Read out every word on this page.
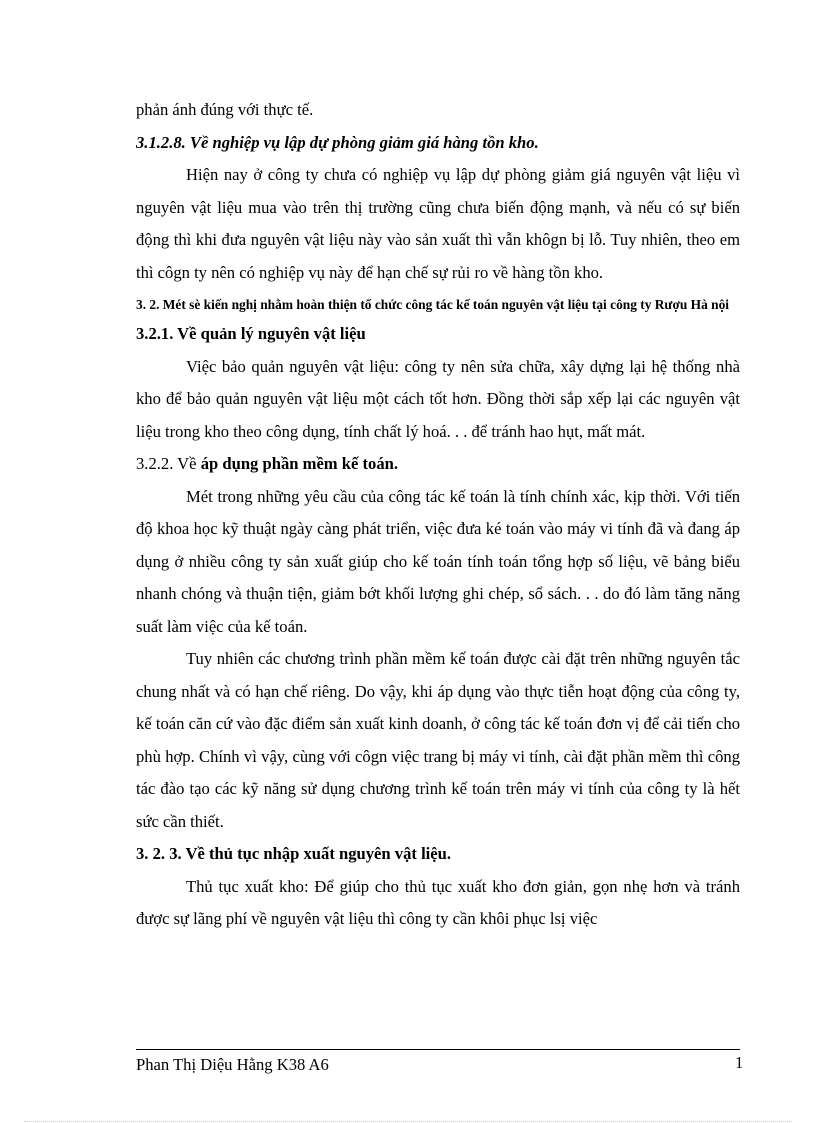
phản ánh đúng với thực tế.

3.1.2.8. Về nghiệp vụ lập dự phòng giảm giá hàng tồn kho.

Hiện nay ở công ty chưa có nghiệp vụ lập dự phòng giảm giá nguyên vật liệu vì nguyên vật liệu mua vào trên thị trường cũng chưa biến động mạnh, và nếu có sự biến động thì khi đưa nguyên vật liệu này vào sản xuất thì vẫn khôgn bị lỗ. Tuy nhiên, theo em thì côgn ty nên có nghiệp vụ này để hạn chế sự rủi ro về hàng tồn kho.

3. 2. Mét sè kiến nghị nhằm hoàn thiện tổ chức công tác kế toán nguyên vật liệu tại công ty Rượu Hà nội

3.2.1. Về quản lý nguyên vật liệu

Việc bảo quản nguyên vật liệu: công ty nên sửa chữa, xây dựng lại hệ thống nhà kho để bảo quản nguyên vật liệu một cách tốt hơn. Đồng thời sắp xếp lại các nguyên vật liệu trong kho theo công dụng, tính chất lý hoá. . . để tránh hao hụt, mất mát.

3.2.2. Về áp dụng phần mềm kế toán.

Mét trong những yêu cầu của công tác kế toán là tính chính xác, kịp thời. Với tiến độ khoa học kỹ thuật ngày càng phát triển, việc đưa ké toán vào máy vi tính đã và đang áp dụng ở nhiều công ty sản xuất giúp cho kế toán tính toán tổng hợp số liệu, vẽ bảng biểu nhanh chóng và thuận tiện, giảm bớt khối lượng ghi chép, sổ sách. . . do đó làm tăng năng suất làm việc của kế toán.

Tuy nhiên các chương trình phần mềm kế toán được cài đặt trên những nguyên tắc chung nhất và có hạn chế riêng. Do vậy, khi áp dụng vào thực tiễn hoạt động của công ty, kế toán căn cứ vào đặc điểm sản xuất kinh doanh, ở công tác kế toán đơn vị để cải tiến cho phù hợp. Chính vì vậy, cùng với côgn việc trang bị máy vi tính, cài đặt phần mềm thì công tác đào tạo các kỹ năng sử dụng chương trình kế toán trên máy vi tính của công ty là hết sức cần thiết.

3. 2. 3. Về thủ tục nhập xuất nguyên vật liệu.

Thủ tục xuất kho: Để giúp cho thủ tục xuất kho đơn giản, gọn nhẹ hơn và tránh được sự lãng phí về nguyên vật liệu thì công ty cần khôi phục lsị việc

Phan Thị Diệu Hằng K38 A6	1
